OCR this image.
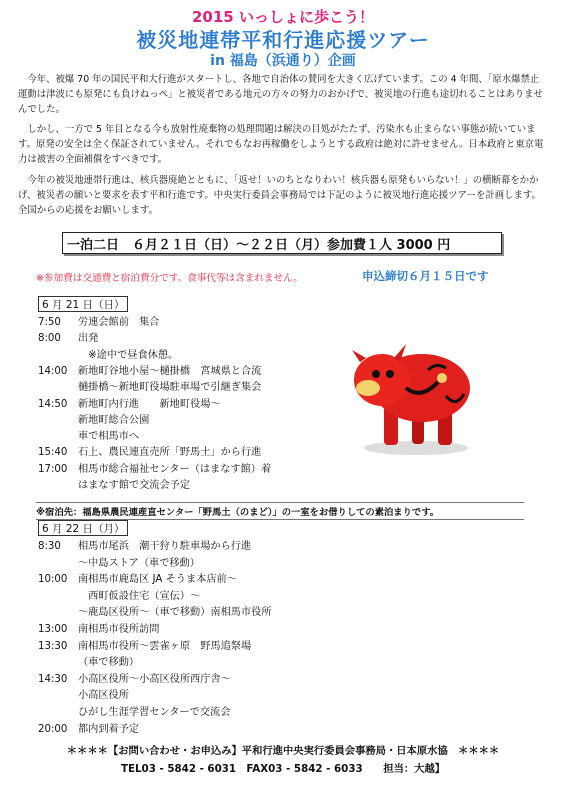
2015 いっしょに歩こう！
被災地連帯平和行進応援ツアー
in 福島（浜通り）企画

今年、被爆 70 年の国民平和大行進がスタートし、各地で自治体の賛同を大きく広げています。この 4 年間、「原水爆禁止運動は津波にも原発にも負けねっぺ」と被災者である地元の方々の努力のおかげで、被災地の行進も途切れることはありませんでした。

しかし、一方で 5 年目となる今も放射性廃棄物の処理問題は解決の目処がたたず、汚染水も止まらない事態が続いています。原発の安全は全く保証されていません。それでもなお再稼働をしようとする政府は絶対に許せません。日本政府と東京電力は被害の全面補償をすべきです。

今年の被災地連帯行進は、核兵器廃絶とともに、「返せ！いのちとなりわい！核兵器も原発もいらない！」の横断幕をかかげ、被災者の願いと要求を表す平和行進です。中央実行委員会事務局では下記のように被災地行進応援ツアーを計画します。全国からの応援をお願いします。

一泊二日　６月２１日（日）～２２日（月）参加費１人 3000 円
※参加費は交通費と宿泊費分です。食事代等は含まれません。	申込締切６月１５日です
6 月 21 日（日）
7:50 労連会館前　集合
8:00 出発
　※途中で昼食休憩。
14:00 新地町谷地小屋～樋掛橋　宮城県と合流
樋掛橋～新地町役場駐車場で引継ぎ集会
14:50 新地町内行進　　新地町役場～
新地町総合公園
車で相馬市へ
15:40 石上、農民連直売所「野馬土」から行進
17:00 相馬市総合福祉センター（はまなす館）着
はまなす館で交流会予定
※宿泊先：福島県農民連産直センター「野馬土（のまど）」の一室をお借りしての素泊まりです。
6 月 22 日（月）
8:30 相馬市尾浜　潮干狩り駐車場から行進
～中島ストア（車で移動）
10:00 南相馬市鹿島区 JA そうま本店前～
　西町仮設住宅（宣伝）～
～鹿島区役所～（車で移動）南相馬市役所
13:00 南相馬市役所訪問
13:30 南相馬市役所～雲雀ヶ原　野馬追祭場
（車で移動）
14:30 小高区役所～小高区役所西庁舎～
小高区役所
ひがし生涯学習センターで交流会
20:00 都内到着予定
＊＊＊＊【お問い合わせ・お申込み】平和行進中央実行委員会事務局・日本原水協　＊＊＊＊
TEL03 - 5842 - 6031　FAX03 - 5842 - 6033　　担当：大越】
